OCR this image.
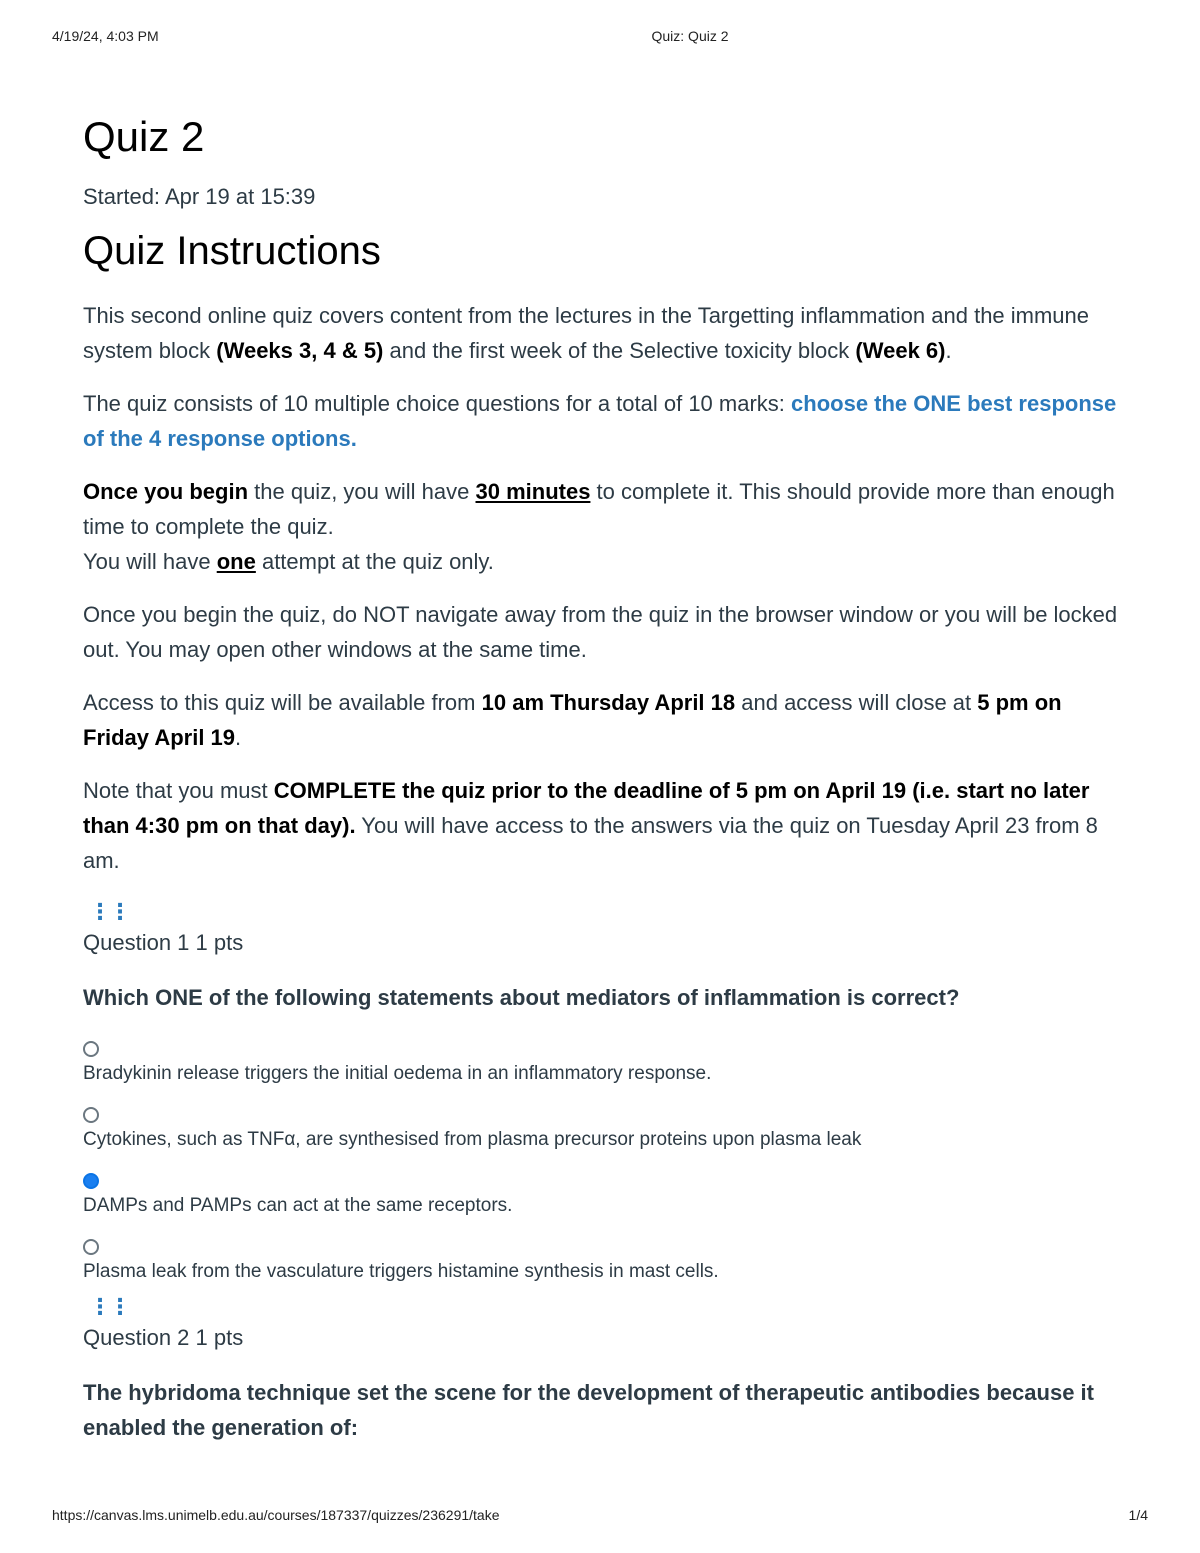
4/19/24, 4:03 PM	Quiz: Quiz 2
Quiz 2
Started: Apr 19 at 15:39
Quiz Instructions

This second online quiz covers content from the lectures in the Targetting inflammation and the immune system block (Weeks 3, 4 & 5) and the first week of the Selective toxicity block (Week 6).

The quiz consists of 10 multiple choice questions for a total of 10 marks: choose the ONE best response of the 4 response options.

Once you begin the quiz, you will have 30 minutes to complete it. This should provide more than enough time to complete the quiz.
You will have one attempt at the quiz only.

Once you begin the quiz, do NOT navigate away from the quiz in the browser window or you will be locked out. You may open other windows at the same time.

Access to this quiz will be available from 10 am Thursday April 18 and access will close at 5 pm on Friday April 19.

Note that you must COMPLETE the quiz prior to the deadline of 5 pm on April 19 (i.e. start no later than 4:30 pm on that day). You will have access to the answers via the quiz on Tuesday April 23 from 8 am.

⋮⋮
Question 1 1 pts
Which ONE of the following statements about mediators of inflammation is correct?
Bradykinin release triggers the initial oedema in an inflammatory response.
Cytokines, such as TNFα, are synthesised from plasma precursor proteins upon plasma leak
DAMPs and PAMPs can act at the same receptors.
Plasma leak from the vasculature triggers histamine synthesis in mast cells.
⋮⋮
Question 2 1 pts
The hybridoma technique set the scene for the development of therapeutic antibodies because it enabled the generation of:
https://canvas.lms.unimelb.edu.au/courses/187337/quizzes/236291/take	1/4
